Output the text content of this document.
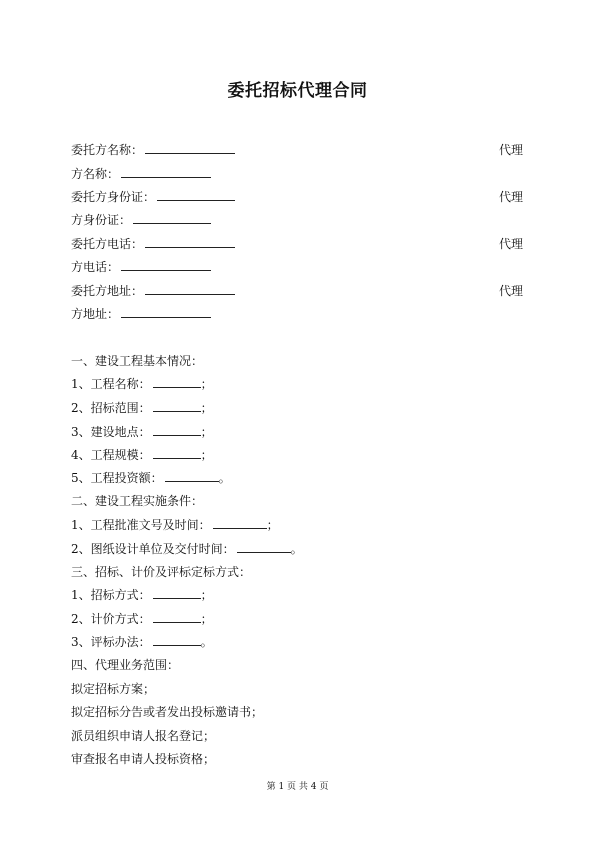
委托招标代理合同
委托方名称：	代理
方名称：
委托方身份证：	代理
方身份证：
委托方电话：	代理
方电话：
委托方地址：	代理
方地址：
一、建设工程基本情况：
1、工程名称：	；
2、招标范围：	；
3、建设地点：	；
4、工程规模：	；
5、工程投资额：	。
二、建设工程实施条件：
1、工程批准文号及时间：	；
2、图纸设计单位及交付时间：	。
三、招标、计价及评标定标方式：
1、招标方式：	；
2、计价方式：	；
3、评标办法：	。
四、代理业务范围：
拟定招标方案；
拟定招标分告或者发出投标邀请书；
派员组织申请人报名登记；
审查报名申请人投标资格；
第 1 页 共 4 页
